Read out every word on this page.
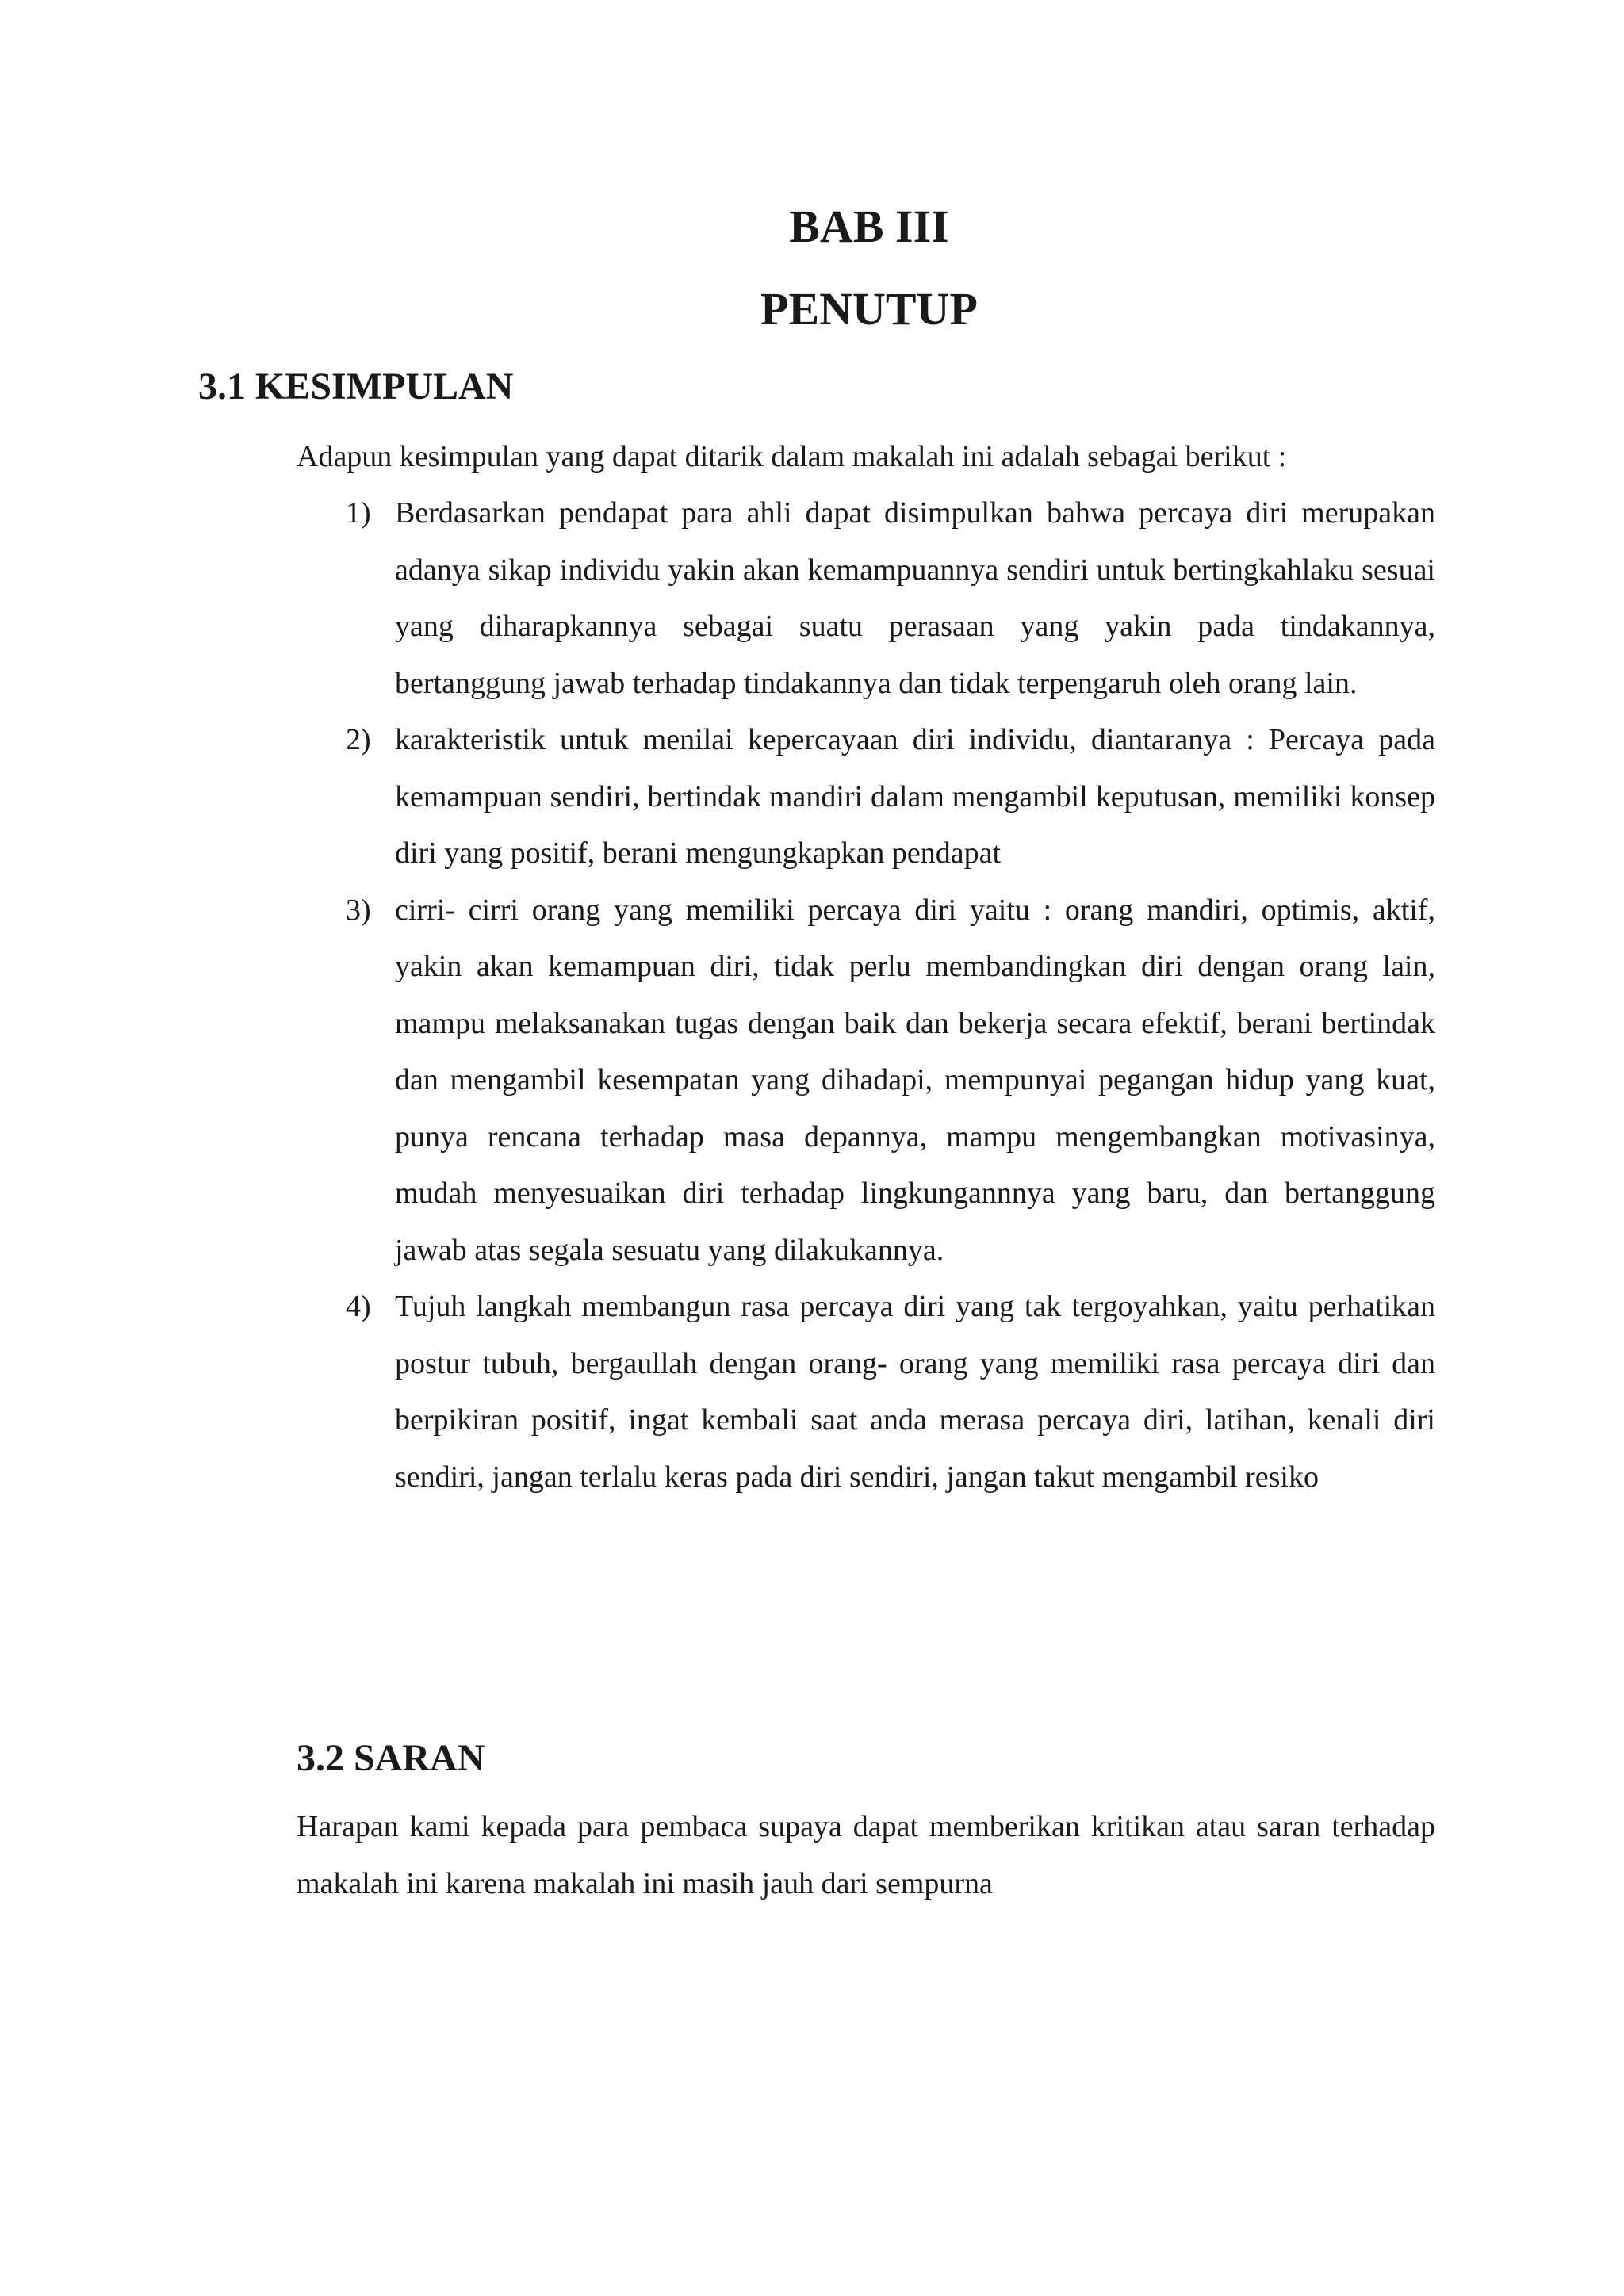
BAB III
PENUTUP
3.1 KESIMPULAN
Adapun kesimpulan yang dapat ditarik dalam makalah ini adalah sebagai berikut :
1) Berdasarkan pendapat para ahli dapat disimpulkan bahwa percaya diri merupakan adanya sikap individu yakin akan kemampuannya sendiri untuk bertingkahlaku sesuai yang diharapkannya sebagai suatu perasaan yang yakin pada tindakannya, bertanggung jawab terhadap tindakannya dan tidak terpengaruh oleh orang lain.
2) karakteristik untuk menilai kepercayaan diri individu, diantaranya : Percaya pada kemampuan sendiri, bertindak mandiri dalam mengambil keputusan, memiliki konsep diri yang positif, berani mengungkapkan pendapat
3) cirri- cirri orang yang memiliki percaya diri yaitu : orang mandiri, optimis, aktif, yakin akan kemampuan diri, tidak perlu membandingkan diri dengan orang lain, mampu melaksanakan tugas dengan baik dan bekerja secara efektif, berani bertindak dan mengambil kesempatan yang dihadapi, mempunyai pegangan hidup yang kuat, punya rencana terhadap masa depannya, mampu mengembangkan motivasinya, mudah menyesuaikan diri terhadap lingkungannnya yang baru, dan bertanggung jawab atas segala sesuatu yang dilakukannya.
4) Tujuh langkah membangun rasa percaya diri yang tak tergoyahkan, yaitu perhatikan postur tubuh, bergaullah dengan orang- orang yang memiliki rasa percaya diri dan berpikiran positif, ingat kembali saat anda merasa percaya diri, latihan, kenali diri sendiri, jangan terlalu keras pada diri sendiri, jangan takut mengambil resiko
3.2 SARAN
Harapan kami kepada para pembaca supaya dapat memberikan kritikan atau saran terhadap makalah ini karena makalah ini masih jauh dari sempurna
